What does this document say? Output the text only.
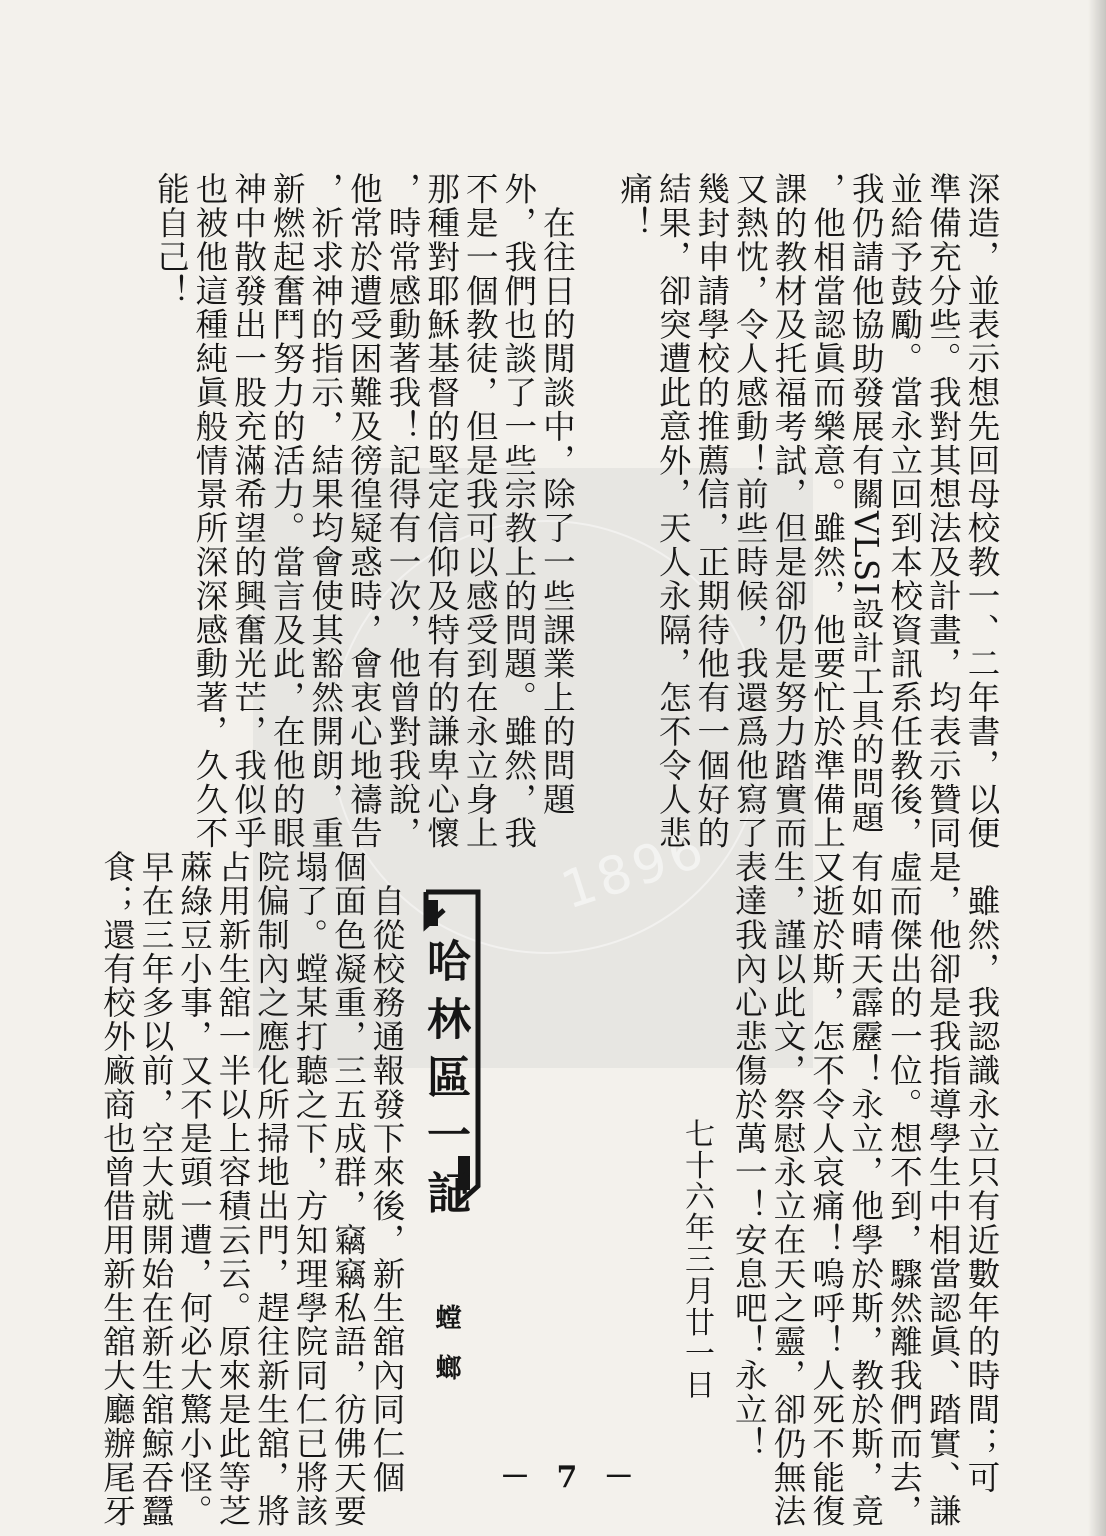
1896
深造，並表示想先回母校教一、二年書，以便
準備充分些。我對其想法及計畫，均表示贊同
並給予鼓勵。當永立回到本校資訊系任教後，
我仍請他協助發展有關VLSI設計工具的問題
，他相當認眞而樂意。雖然，他要忙於準備上
課的教材及托福考試，但是卻仍是努力踏實而
又熱忱，令人感動！前些時候，我還爲他寫了
幾封申請學校的推薦信，正期待他有一個好的
結果，卻突遭此意外，天人永隔，怎不令人悲
痛！
　在往日的閒談中，除了一些課業上的問題
外，我們也談了一些宗教上的問題。雖然，我
不是一個教徒，但是我可以感受到在永立身上
那種對耶穌基督的堅定信仰及特有的謙卑心懷
，時常感動著我！記得有一次，他曾對我說，
他常於遭受困難及徬徨疑惑時，會衷心地禱告
，祈求神的指示，結果均會使其豁然開朗，重
新燃起奮鬥努力的活力。當言及此，在他的眼
神中散發出一股充滿希望的興奮光芒，我似乎
也被他這種純眞般情景所深深感動著，久久不
能自己！
　雖然，我認識永立只有近數年的時間；可
是，他卻是我指導學生中相當認眞、踏實、謙
虛而傑出的一位。想不到，驟然離我們而去，
有如晴天霹靂！永立，他學於斯，教於斯，竟
又逝於斯，怎不令人哀痛！嗚呼！人死不能復
生，謹以此文，祭慰永立在天之靈，卻仍無法
表達我內心悲傷於萬一！安息吧！永立！
七十六年三月廿一日
哈林區一記
螳螂
　自從校務通報發下來後，新生舘內同仁個
個面色凝重，三五成群，竊竊私語，彷佛天要
塌了。螳某打聽之下，方知理學院同仁已將該
院偏制內之應化所掃地出門，趕往新生舘，將
占用新生舘一半以上容積云云。原來是此等芝
蔴綠豆小事，又不是頭一遭，何必大驚小怪。
早在三年多以前，空大就開始在新生舘鯨吞蠶
食；還有校外廠商也曾借用新生舘大廳辦尾牙	－ 7 －
